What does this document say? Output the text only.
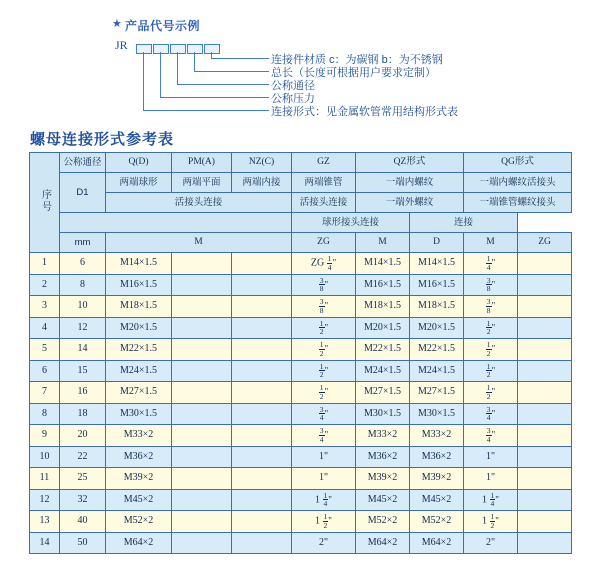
★ 产品代号示例
JR
连接件材质 c：为碳钢 b：为不锈钢
总长（长度可根据用户要求定制）
公称通径
公称压力
连接形式：见金属软管常用结构形式表
螺母连接形式参考表
序号	公称通径	Q(D)	PM(A)	NZ(C)	GZ	QZ形式		QG形式	
	D1	两端球形	两端平面	两端内接	两端锥管	一端内螺纹		一端内螺纹活接头	
		活接头连接			活接头连接	一端外螺纹		一端锥管螺纹接头	
					球形接头连接		连接		
	mm	M			ZG	M	D	M	ZG
1	6	M14×1.5			ZG $\frac{1}{4}$ "	M14×1.5	M14×1.5	$\frac{1}{4}$ "	
2	8	M16×1.5			$\frac{3}{8}$ "	M16×1.5	M16×1.5	$\frac{3}{8}$ "	
3	10	M18×1.5			$\frac{3}{8}$ "	M18×1.5	M18×1.5	$\frac{3}{8}$ "	
4	12	M20×1.5			$\frac{1}{2}$ "	M20×1.5	M20×1.5	$\frac{1}{2}$ "	
5	14	M22×1.5			$\frac{1}{2}$ "	M22×1.5	M22×1.5	$\frac{1}{2}$ "	
6	15	M24×1.5			$\frac{1}{2}$ "	M24×1.5	M24×1.5	$\frac{1}{2}$ "	
7	16	M27×1.5			$\frac{1}{2}$ "	M27×1.5	M27×1.5	$\frac{1}{2}$ "	
8	18	M30×1.5			$\frac{3}{4}$ "	M30×1.5	M30×1.5	$\frac{3}{4}$ "	
9	20	M33×2			$\frac{3}{4}$ "	M33×2	M33×2	$\frac{3}{4}$ "	
10	22	M36×2			1"	M36×2	M36×2	1"	
11	25	M39×2			1"	M39×2	M39×2	1"	
12	32	M45×2			$1 \frac{1}{4}$ "	M45×2	M45×2	$1 \frac{1}{4}$ "	
13	40	M52×2			$1 \frac{1}{2}$ "	M52×2	M52×2	$1 \frac{1}{2}$ "	
14	50	M64×2			2"	M64×2	M64×2	2"	
